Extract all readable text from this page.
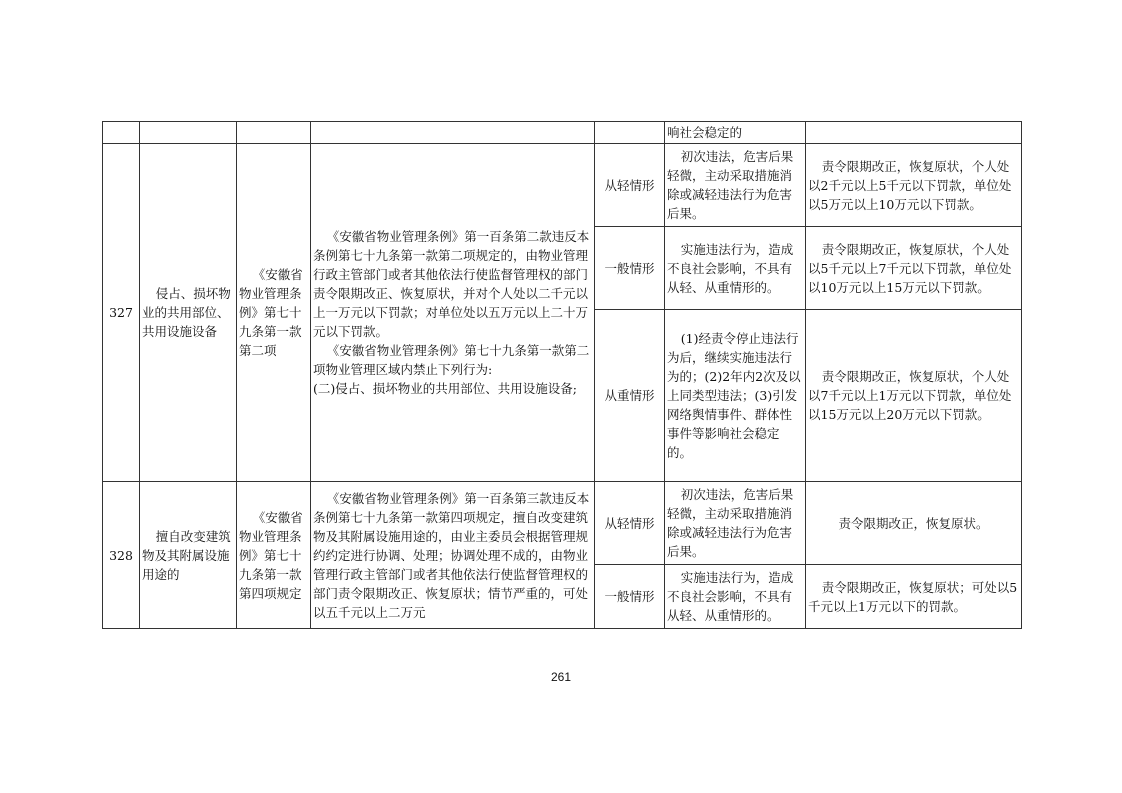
					响社会稳定的	
327	侵占、损坏物业的共用部位、共用设施设备	《安徽省物业管理条例》第七十九条第一款第二项	《安徽省物业管理条例》第一百条第二款违反本条例第七十九条第一款第二项规定的，由物业管理行政主管部门或者其他依法行使监督管理权的部门责令限期改正、恢复原状，并对个人处以二千元以上一万元以下罚款；对单位处以五万元以上二十万元以下罚款。
《安徽省物业管理条例》第七十九条第一款第二项物业管理区域内禁止下列行为:
(二)侵占、损坏物业的共用部位、共用设施设备;	从轻情形	初次违法，危害后果轻微，主动采取措施消除或减轻违法行为危害后果。	责令限期改正，恢复原状，个人处以2千元以上5千元以下罚款，单位处以5万元以上10万元以下罚款。
				一般情形	实施违法行为，造成不良社会影响，不具有从轻、从重情形的。	责令限期改正，恢复原状，个人处以5千元以上7千元以下罚款，单位处以10万元以上15万元以下罚款。
				从重情形	(1)经责令停止违法行为后，继续实施违法行为的；(2)2年内2次及以上同类型违法；(3)引发网络舆情事件、群体性事件等影响社会稳定的。	责令限期改正，恢复原状，个人处以7千元以上1万元以下罚款，单位处以15万元以上20万元以下罚款。
328	擅自改变建筑物及其附属设施用途的	《安徽省物业管理条例》第七十九条第一款第四项规定	《安徽省物业管理条例》第一百条第三款违反本条例第七十九条第一款第四项规定，擅自改变建筑物及其附属设施用途的，由业主委员会根据管理规约约定进行协调、处理；协调处理不成的，由物业管理行政主管部门或者其他依法行使监督管理权的部门责令限期改正、恢复原状；情节严重的，可处以五千元以上二万元	从轻情形	初次违法，危害后果轻微，主动采取措施消除或减轻违法行为危害后果。	责令限期改正，恢复原状。
				一般情形	实施违法行为，造成不良社会影响，不具有从轻、从重情形的。	责令限期改正，恢复原状；可处以5千元以上1万元以下的罚款。
261
